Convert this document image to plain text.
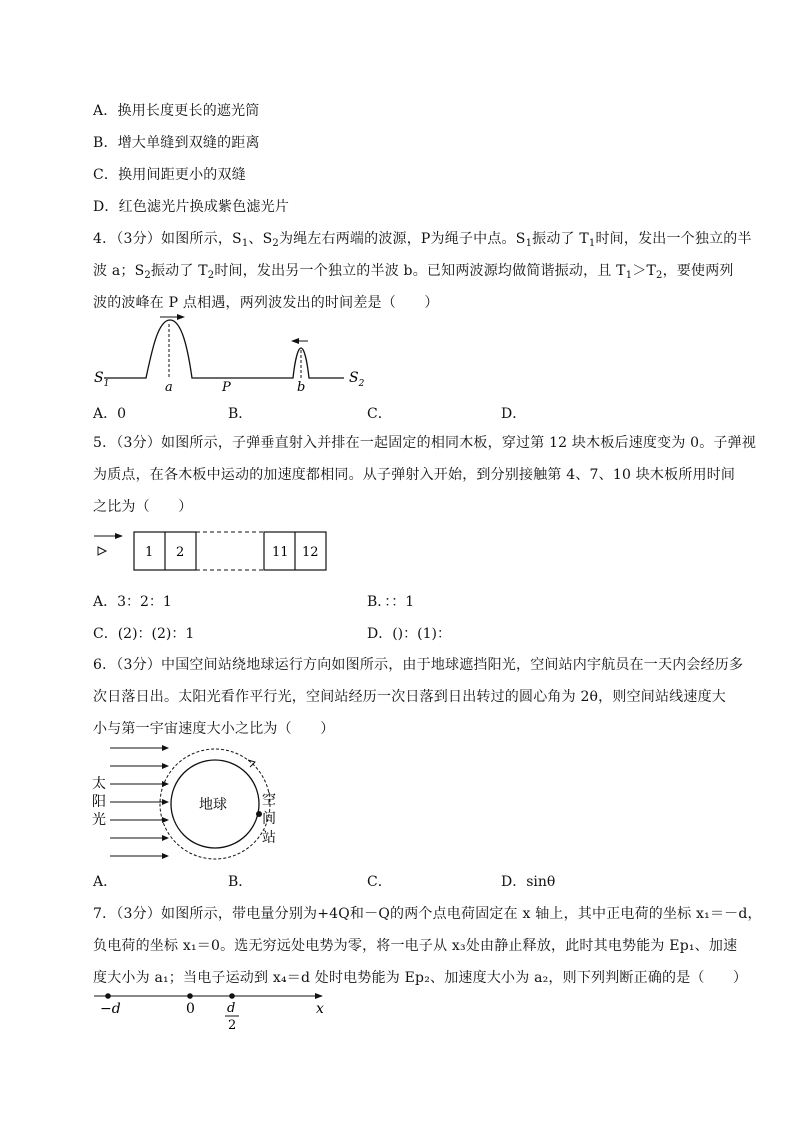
A．换用长度更长的遮光筒
B．增大单缝到双缝的距离
C．换用间距更小的双缝
D．红色滤光片换成紫色滤光片
4．（3分）如图所示，$S_1$、$S_2$为绳左右两端的波源，P为绳子中点。$S_1$振动了 $T_1$时间，发出一个独立的半
波 a；$S_2$振动了 $T_2$时间，发出另一个独立的半波 b。已知两波源均做简谐振动，且 $T_1>T_2$，要使两列
波的波峰在 P 点相遇，两列波发出的时间差是（　　）
$S_1$	a	P	b
$S_2$
A．0	B．	C．	D．
5．（3分）如图所示，子弹垂直射入并排在一起固定的相同木板，穿过第 12 块木板后速度变为 0。子弹视
为质点，在各木板中运动的加速度都相同。从子弹射入开始，到分别接触第 4、7、10 块木板所用时间
之比为（　　）
1 2	11 12
A．3：2：1	B．：：1
C．(2)：(2)：1	D．()：(1)：
6．（3分）中国空间站绕地球运行方向如图所示，由于地球遮挡阳光，空间站内宇航员在一天内会经历多
次日落日出。太阳光看作平行光，空间站经历一次日落到日出转过的圆心角为 2θ，则空间站线速度大
小与第一宇宙速度大小之比为（　　）
太
阳
光
地球	空
间
站
A．	B．	C．	D．sinθ
7．（3分）如图所示，带电量分别为+4Q和－Q的两个点电荷固定在 x 轴上，其中正电荷的坐标 x₁＝－d，
负电荷的坐标 x₁＝0。选无穷远处电势为零，将一电子从 x₃处由静止释放，此时其电势能为 Ep₁、加速
度大小为 a₁；当电子运动到 x₄＝d 处时电势能为 Ep₂、加速度大小为 a₂，则下列判断正确的是（　　）
−d	0 d
2
x
